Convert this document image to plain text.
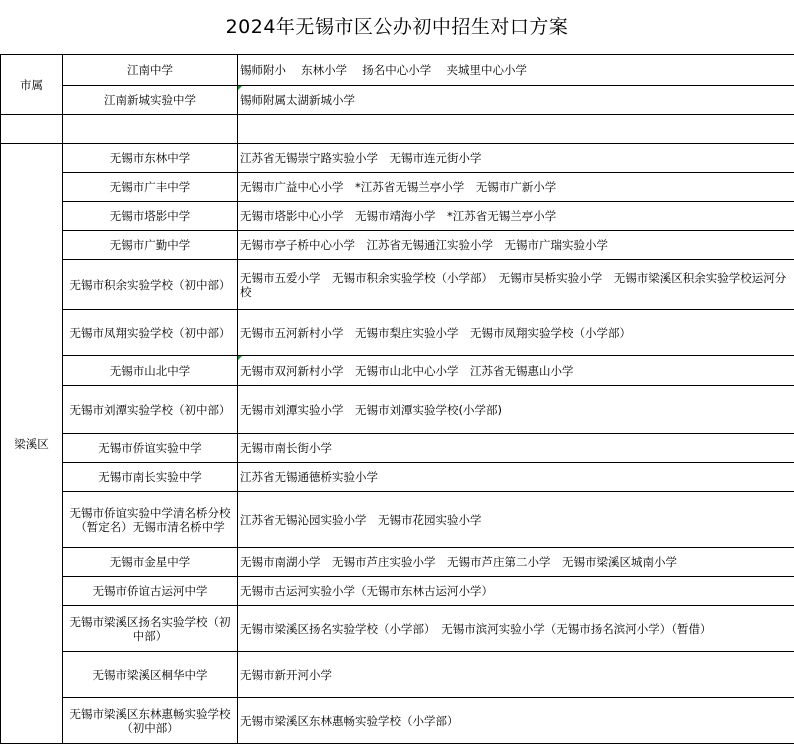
2024年无锡市区公办初中招生对口方案
市属	江南中学	锡师附小　 东林小学　 扬名中心小学　 夹城里中心小学
	江南新城实验中学	锡师附属太湖新城小学

梁溪区	无锡市东林中学	江苏省无锡崇宁路实验小学　无锡市连元街小学
	无锡市广丰中学	无锡市广益中心小学　*江苏省无锡兰亭小学　无锡市广新小学
	无锡市塔影中学	无锡市塔影中心小学　无锡市靖海小学　*江苏省无锡兰亭小学
	无锡市广勤中学	无锡市亭子桥中心小学　江苏省无锡通江实验小学　无锡市广瑞实验小学
	无锡市积余实验学校（初中部）	无锡市五爱小学　无锡市积余实验学校（小学部）　无锡市吴桥实验小学　无锡市梁溪区积余实验学校运河分校
	无锡市凤翔实验学校（初中部）	无锡市五河新村小学　无锡市梨庄实验小学　无锡市凤翔实验学校（小学部）
	无锡市山北中学	无锡市双河新村小学　无锡市山北中心小学　江苏省无锡惠山小学
	无锡市刘潭实验学校（初中部）	无锡市刘潭实验小学　无锡市刘潭实验学校(小学部)
	无锡市侨谊实验中学	无锡市南长街小学
	无锡市南长实验中学	江苏省无锡通德桥实验小学
	无锡市侨谊实验中学清名桥分校（暂定名）无锡市清名桥中学	江苏省无锡沁园实验小学　无锡市花园实验小学
	无锡市金星中学	无锡市南湖小学　无锡市芦庄实验小学　无锡市芦庄第二小学　无锡市梁溪区城南小学
	无锡市侨谊古运河中学	无锡市古运河实验小学（无锡市东林古运河小学）
	无锡市梁溪区扬名实验学校（初中部）	无锡市梁溪区扬名实验学校（小学部）　无锡市滨河实验小学（无锡市扬名滨河小学）（暂借）
	无锡市梁溪区桐华中学	无锡市新开河小学
	无锡市梁溪区东林惠畅实验学校（初中部）	无锡市梁溪区东林惠畅实验学校（小学部）
